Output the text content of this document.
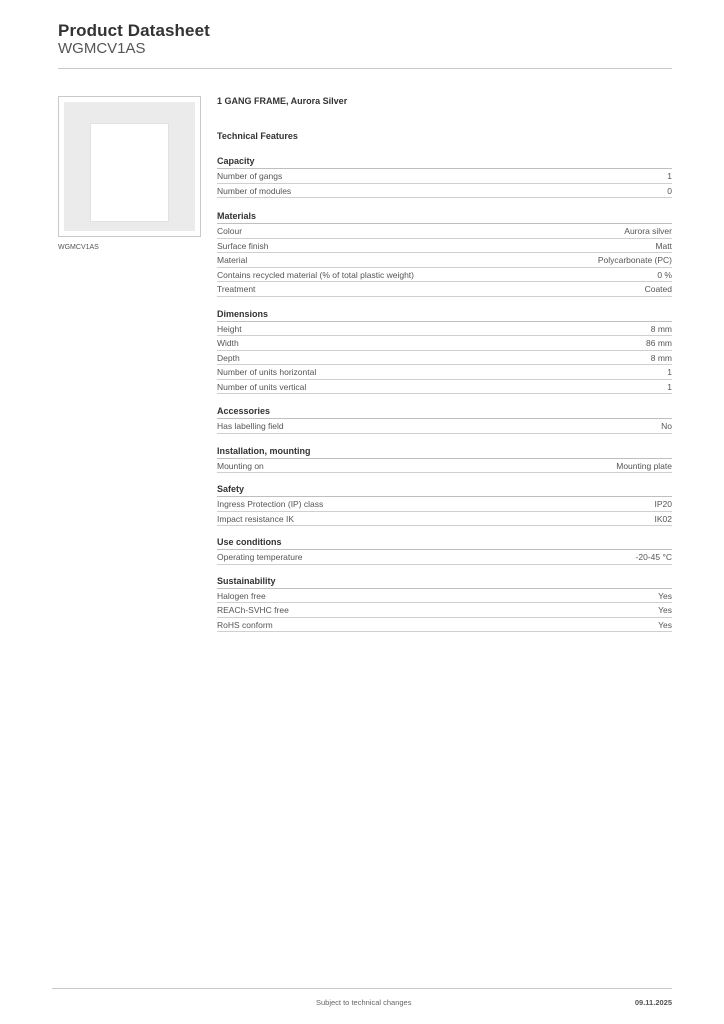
Product Datasheet
WGMCV1AS
WGMCV1AS
1 GANG FRAME, Aurora Silver
Technical Features
Capacity
Number of gangs	1
Number of modules	0
Materials
Colour	Aurora silver
Surface finish	Matt
Material	Polycarbonate (PC)
Contains recycled material (% of total plastic weight)	0 %
Treatment	Coated
Dimensions
Height	8 mm
Width	86 mm
Depth	8 mm
Number of units horizontal	1
Number of units vertical	1
Accessories
Has labelling field	No
Installation, mounting
Mounting on	Mounting plate
Safety
Ingress Protection (IP) class	IP20
Impact resistance IK	IK02
Use conditions
Operating temperature	-20-45 °C
Sustainability
Halogen free	Yes
REACh-SVHC free	Yes
RoHS conform	Yes
Subject to technical changes	09.11.2025
